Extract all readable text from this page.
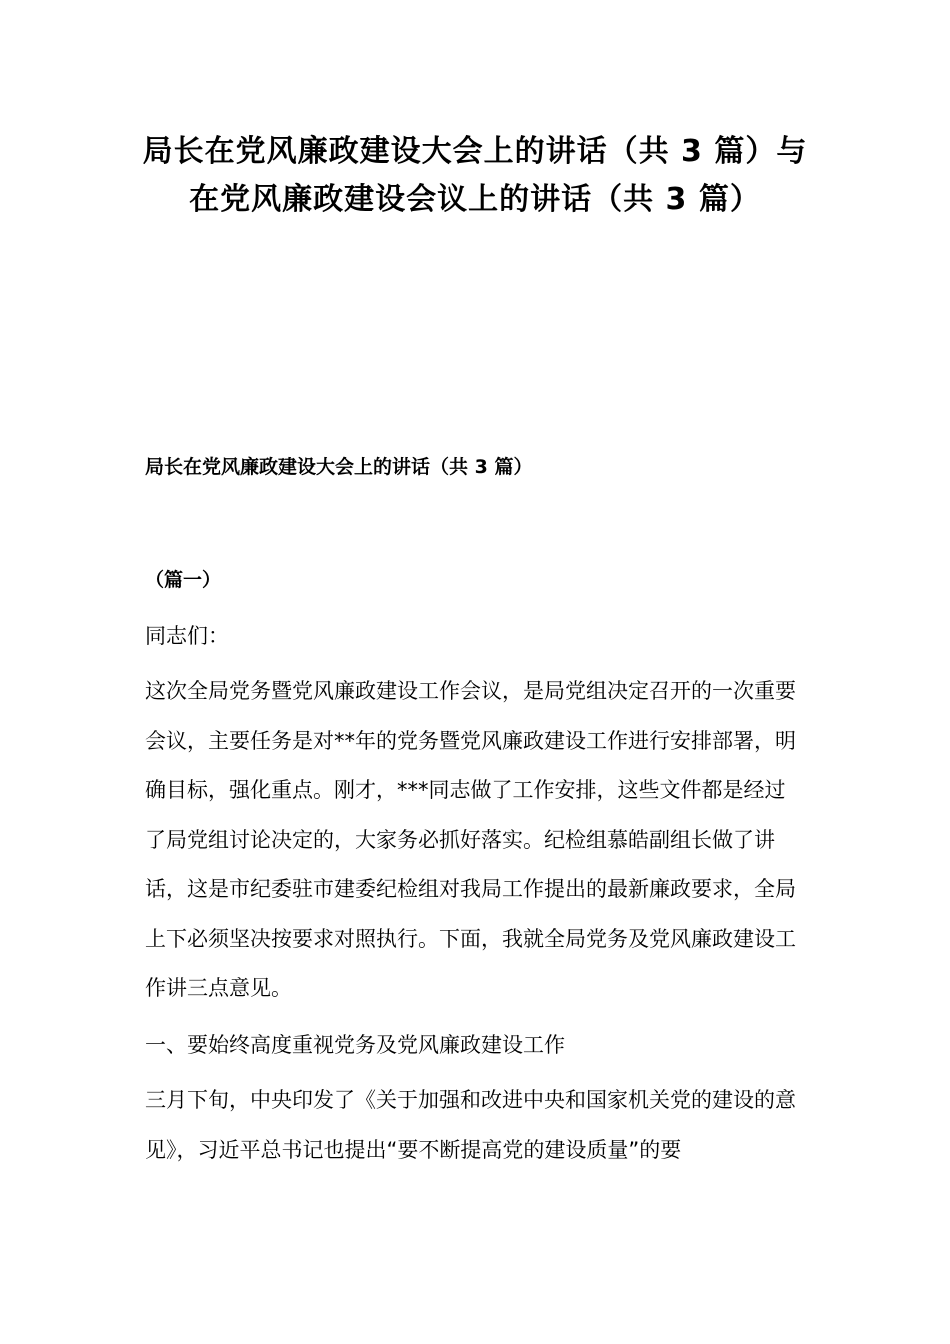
局长在党风廉政建设大会上的讲话（共 3 篇）与在党风廉政建设会议上的讲话（共 3 篇）
局长在党风廉政建设大会上的讲话（共 3 篇）
（篇一）

同志们：

这次全局党务暨党风廉政建设工作会议，是局党组决定召开的一次重要会议，主要任务是对**年的党务暨党风廉政建设工作进行安排部署，明确目标，强化重点。刚才，***同志做了工作安排，这些文件都是经过了局党组讨论决定的，大家务必抓好落实。纪检组慕皓副组长做了讲话，这是市纪委驻市建委纪检组对我局工作提出的最新廉政要求，全局上下必须坚决按要求对照执行。下面，我就全局党务及党风廉政建设工作讲三点意见。

一、要始终高度重视党务及党风廉政建设工作

三月下旬，中央印发了《关于加强和改进中央和国家机关党的建设的意见》，习近平总书记也提出“要不断提高党的建设质量”的要
